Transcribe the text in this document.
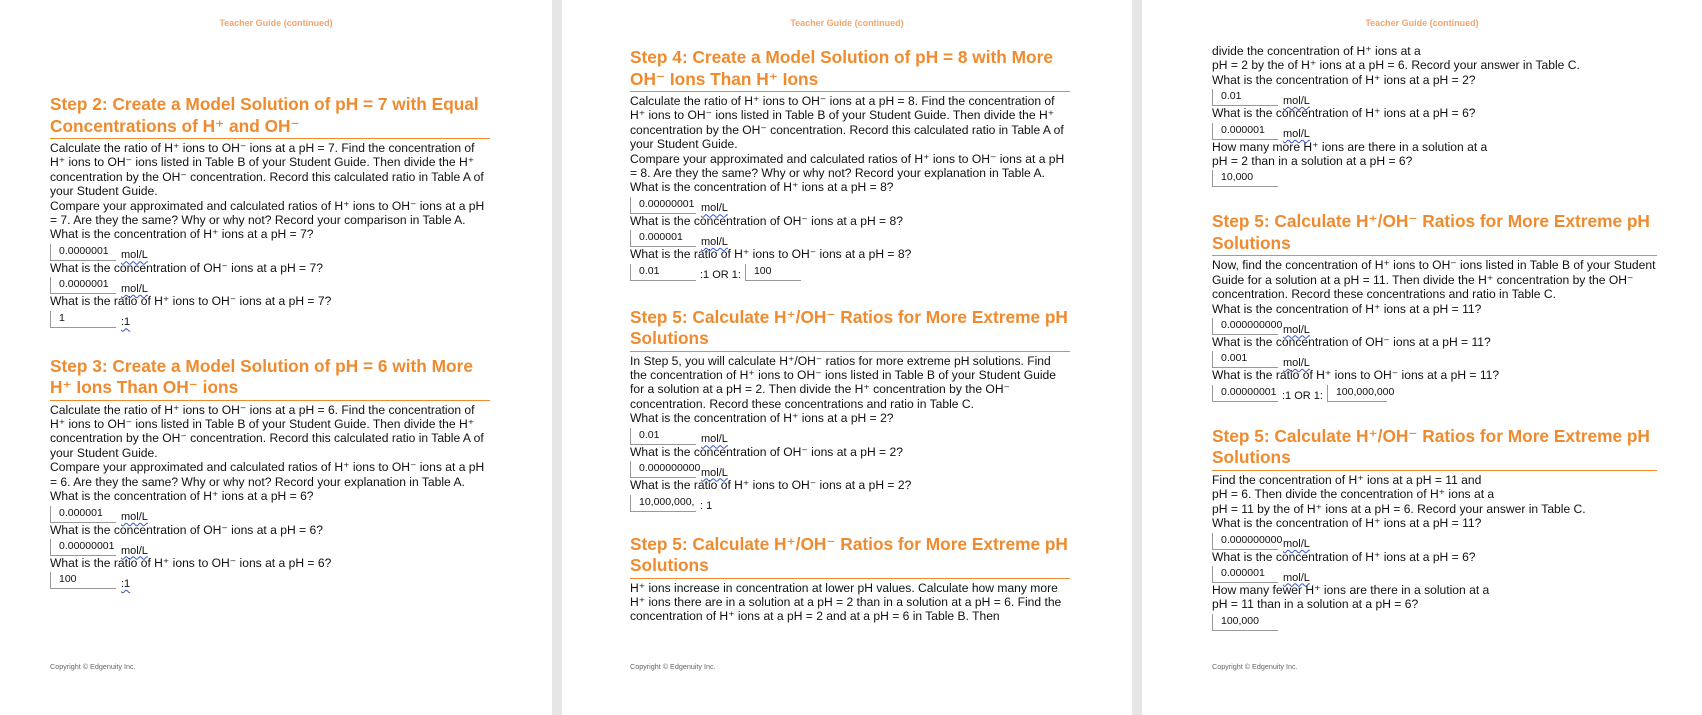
Teacher Guide (continued)
Step 2: Create a Model Solution of pH = 7 with Equal Concentrations of H⁺ and OH⁻

Calculate the ratio of H⁺ ions to OH⁻ ions at a pH = 7. Find the concentration of H⁺ ions to OH⁻ ions listed in Table B of your Student Guide. Then divide the H⁺ concentration by the OH⁻ concentration. Record this calculated ratio in Table A of your Student Guide.

Compare your approximated and calculated ratios of H⁺ ions to OH⁻ ions at a pH = 7. Are they the same? Why or why not? Record your comparison in Table A.

What is the concentration of H⁺ ions at a pH = 7?

0.0000001	mol/L

What is the concentration of OH⁻ ions at a pH = 7?

0.0000001	mol/L

What is the ratio of H⁺ ions to OH⁻ ions at a pH = 7?

1	:1
Step 3: Create a Model Solution of pH = 6 with More H⁺ Ions Than OH⁻ ions

Calculate the ratio of H⁺ ions to OH⁻ ions at a pH = 6. Find the concentration of H⁺ ions to OH⁻ ions listed in Table B of your Student Guide. Then divide the H⁺ concentration by the OH⁻ concentration. Record this calculated ratio in Table A of your Student Guide.

Compare your approximated and calculated ratios of H⁺ ions to OH⁻ ions at a pH = 6. Are they the same? Why or why not? Record your explanation in Table A.

What is the concentration of H⁺ ions at a pH = 6?

0.000001	mol/L

What is the concentration of OH⁻ ions at a pH = 6?

0.00000001 mol/L

What is the ratio of H⁺ ions to OH⁻ ions at a pH = 6?

100	:1
Copyright © Edgenuity Inc.
Teacher Guide (continued)
Step 4: Create a Model Solution of pH = 8 with More OH⁻ Ions Than H⁺ Ions

Calculate the ratio of H⁺ ions to OH⁻ ions at a pH = 8. Find the concentration of H⁺ ions to OH⁻ ions listed in Table B of your Student Guide. Then divide the H⁺ concentration by the OH⁻ concentration. Record this calculated ratio in Table A of your Student Guide.

Compare your approximated and calculated ratios of H⁺ ions to OH⁻ ions at a pH = 8. Are they the same? Why or why not? Record your explanation in Table A.

What is the concentration of H⁺ ions at a pH = 8?

0.00000001 mol/L

What is the concentration of OH⁻ ions at a pH = 8?

0.000001	mol/L

What is the ratio of H⁺ ions to OH⁻ ions at a pH = 8?

0.01	:1 OR 1:	100
Step 5: Calculate H⁺/OH⁻ Ratios for More Extreme pH Solutions

In Step 5, you will calculate H⁺/OH⁻ ratios for more extreme pH solutions. Find the concentration of H⁺ ions to OH⁻ ions listed in Table B of your Student Guide for a solution at a pH = 2. Then divide the H⁺ concentration by the OH⁻ concentration. Record these concentrations and ratio in Table C.

What is the concentration of H⁺ ions at a pH = 2?

0.01	mol/L

What is the concentration of OH⁻ ions at a pH = 2?

0.000000000 mol/L

What is the ratio of H⁺ ions to OH⁻ ions at a pH = 2?

10,000,000, : 1
Step 5: Calculate H⁺/OH⁻ Ratios for More Extreme pH Solutions

H⁺ ions increase in concentration at lower pH values. Calculate how many more H⁺ ions there are in a solution at a pH = 2 than in a solution at a pH = 6. Find the concentration of H⁺ ions at a pH = 2 and at a pH = 6 in Table B. Then

Copyright © Edgenuity Inc.
Teacher Guide (continued)

divide the concentration of H⁺ ions at a

pH = 2 by the of H⁺ ions at a pH = 6. Record your answer in Table C.

What is the concentration of H⁺ ions at a pH = 2?

0.01	mol/L

What is the concentration of H⁺ ions at a pH = 6?

0.000001	mol/L

How many more H⁺ ions are there in a solution at a

pH = 2 than in a solution at a pH = 6?

10,000
Step 5: Calculate H⁺/OH⁻ Ratios for More Extreme pH Solutions

Now, find the concentration of H⁺ ions to OH⁻ ions listed in Table B of your Student Guide for a solution at a pH = 11. Then divide the H⁺ concentration by the OH⁻ concentration. Record these concentrations and ratio in Table C.

What is the concentration of H⁺ ions at a pH = 11?

0.000000000 mol/L

What is the concentration of OH⁻ ions at a pH = 11?

0.001	mol/L

What is the ratio of H⁺ ions to OH⁻ ions at a pH = 11?

0.00000001 :1 OR 1:	100,000,000
Step 5: Calculate H⁺/OH⁻ Ratios for More Extreme pH Solutions

Find the concentration of H⁺ ions at a pH = 11 and

pH = 6. Then divide the concentration of H⁺ ions at a

pH = 11 by the of H⁺ ions at a pH = 6. Record your answer in Table C.

What is the concentration of H⁺ ions at a pH = 11?

0.000000000 mol/L

What is the concentration of H⁺ ions at a pH = 6?

0.000001	mol/L

How many fewer H⁺ ions are there in a solution at a

pH = 11 than in a solution at a pH = 6?

100,000
Copyright © Edgenuity Inc.
